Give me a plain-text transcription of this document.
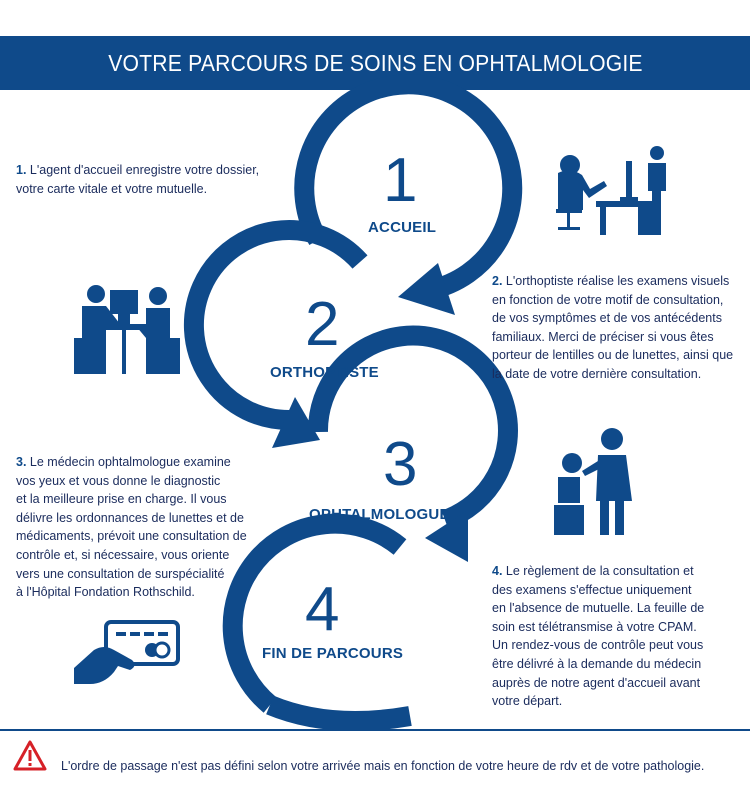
VOTRE PARCOURS DE SOINS EN OPHTALMOLOGIE
1
ACCUEIL
2
ORTHOPTISTE
3
OPHTALMOLOGUE
4
FIN DE PARCOURS
1. L'agent d'accueil enregistre votre dossier,
votre carte vitale et votre mutuelle.
2. L'orthoptiste réalise les examens visuels
en fonction de votre motif de consultation,
de vos symptômes et de vos antécédents
familiaux. Merci de préciser si vous êtes
porteur de lentilles ou de lunettes, ainsi que
la date de votre dernière consultation.
3. Le médecin ophtalmologue examine
vos yeux et vous donne le diagnostic
et la meilleure prise en charge. Il vous
délivre les ordonnances de lunettes et de
médicaments, prévoit une consultation de
contrôle et, si nécessaire, vous oriente
vers une consultation de surspécialité
à l'Hôpital Fondation Rothschild.
4. Le règlement de la consultation et
des examens s'effectue uniquement
en l'absence de mutuelle. La feuille de
soin est télétransmise à votre CPAM.
Un rendez-vous de contrôle peut vous
être délivré à la demande du médecin
auprès de notre agent d'accueil avant
votre départ.
L'ordre de passage n'est pas défini selon votre arrivée mais en fonction de votre heure de rdv et de votre pathologie.
